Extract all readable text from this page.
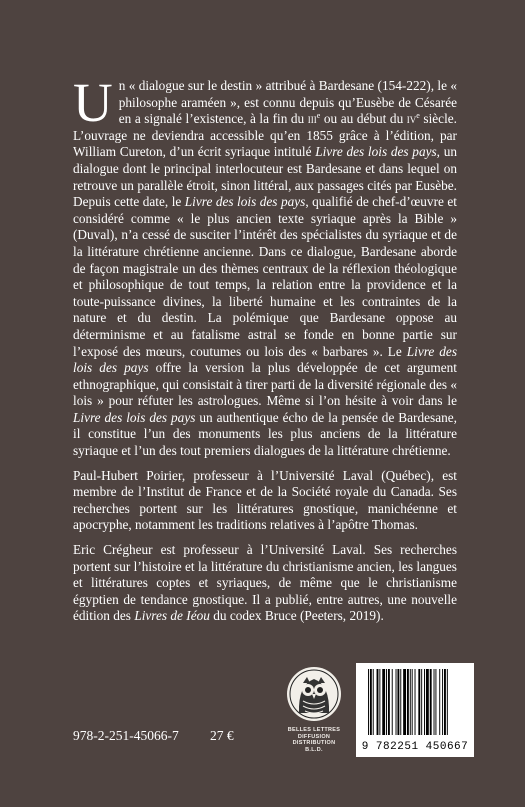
Un « dialogue sur le destin » attribué à Bardesane (154-222), le « philosophe araméen », est connu depuis qu’Eusèbe de Césarée en a signalé l’existence, à la fin du iii$^e$ ou au début du $iv^e$ siècle. L’ouvrage ne deviendra accessible qu’en 1855 grâce à l’édition, par William Cureton, d’un écrit syriaque intitulé Livre des lois des pays, un dialogue dont le principal interlocuteur est Bardesane et dans lequel on retrouve un parallèle étroit, sinon littéral, aux passages cités par Eusèbe. Depuis cette date, le Livre des lois des pays, qualifié de chef-d’œuvre et considéré comme « le plus ancien texte syriaque après la Bible » (Duval), n’a cessé de susciter l’intérêt des spécialistes du syriaque et de la littérature chrétienne ancienne. Dans ce dialogue, Bardesane aborde de façon magistrale un des thèmes centraux de la réflexion théologique et philosophique de tout temps, la relation entre la providence et la toute-puissance divines, la liberté humaine et les contraintes de la nature et du destin. La polémique que Bardesane oppose au déterminisme et au fatalisme astral se fonde en bonne partie sur l’exposé des mœurs, coutumes ou lois des « barbares ». Le Livre des lois des pays offre la version la plus développée de cet argument ethnographique, qui consistait à tirer parti de la diversité régionale des « lois » pour réfuter les astrologues. Même si l’on hésite à voir dans le Livre des lois des pays un authentique écho de la pensée de Bardesane, il constitue l’un des monuments les plus anciens de la littérature syriaque et l’un des tout premiers dialogues de la littérature chrétienne.

Paul-Hubert Poirier, professeur à l’Université Laval (Québec), est membre de l’Institut de France et de la Société royale du Canada. Ses recherches portent sur les littératures gnostique, manichéenne et apocryphe, notamment les traditions relatives à l’apôtre Thomas.

Eric Crégheur est professeur à l’Université Laval. Ses recherches portent sur l’histoire et la littérature du christianisme ancien, les langues et littératures coptes et syriaques, de même que le christianisme égyptien de tendance gnostique. Il a publié, entre autres, une nouvelle édition des Livres de Iéou du codex Bruce (Peeters, 2019).

978-2-251-45066-7 27 €	BELLES LETTRES
DIFFUSION
DISTRIBUTION
B.L.D.	9 782251 450667
